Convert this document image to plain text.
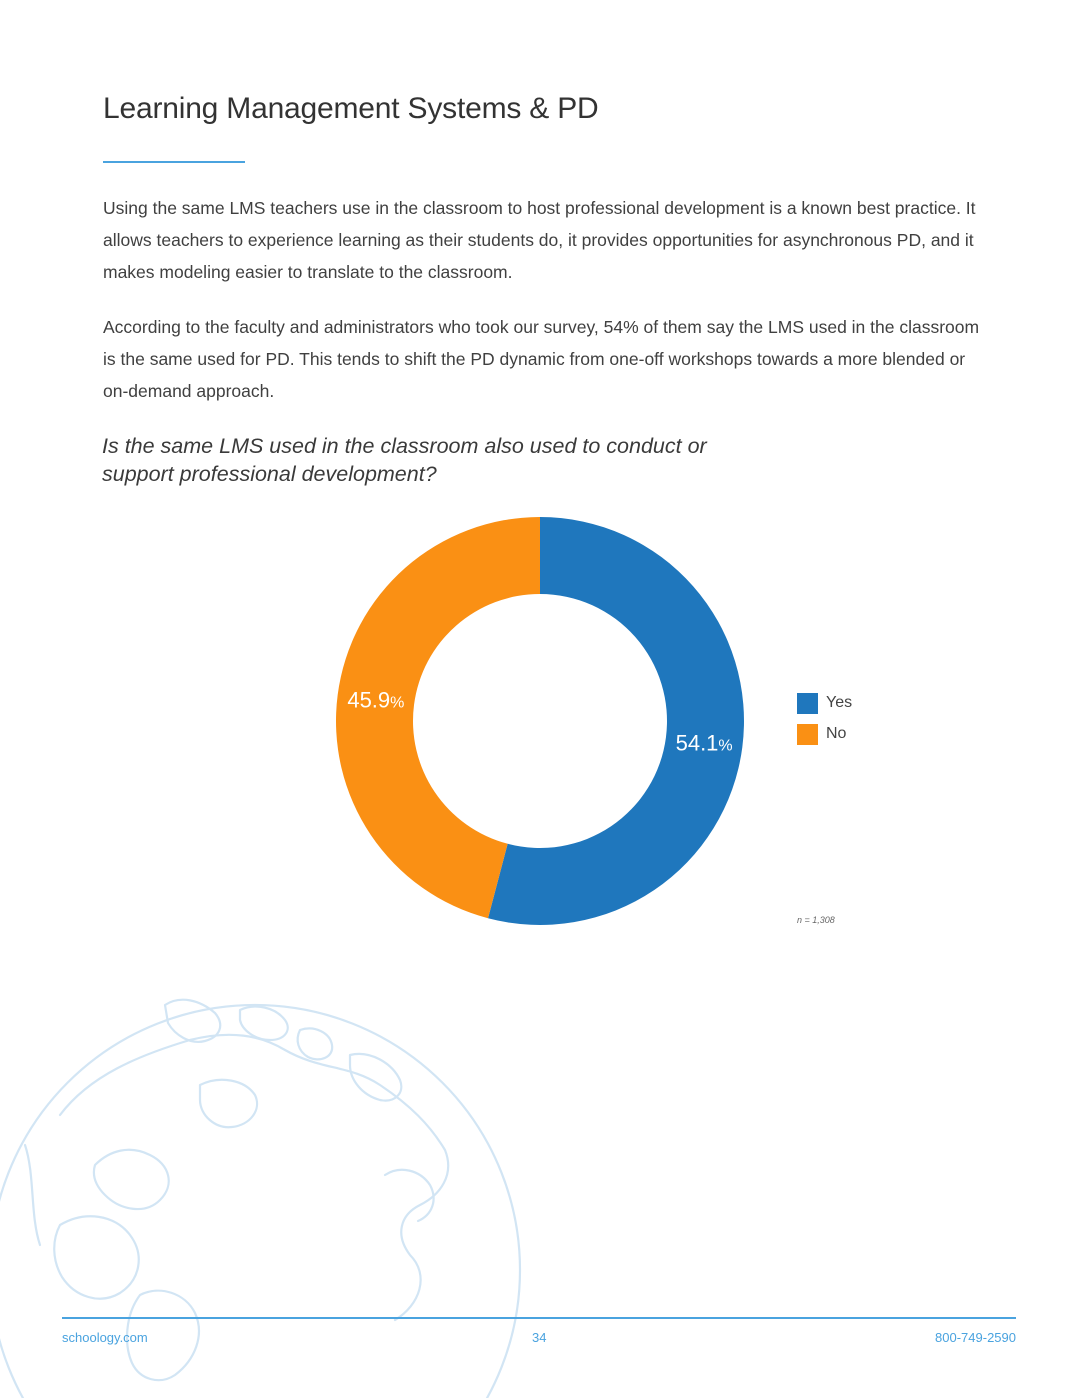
Learning Management Systems & PD

Using the same LMS teachers use in the classroom to host professional development is a known best practice. It allows teachers to experience learning as their students do, it provides opportunities for asynchronous PD, and it makes modeling easier to translate to the classroom.

According to the faculty and administrators who took our survey, 54% of them say the LMS used in the classroom is the same used for PD. This tends to shift the PD dynamic from one-off workshops towards a more blended or on-demand approach.

Is the same LMS used in the classroom also used to conduct or support professional development?
54.1%
45.9%	Yes
No
n = 1,308
schoology.com	34	800-749-2590
